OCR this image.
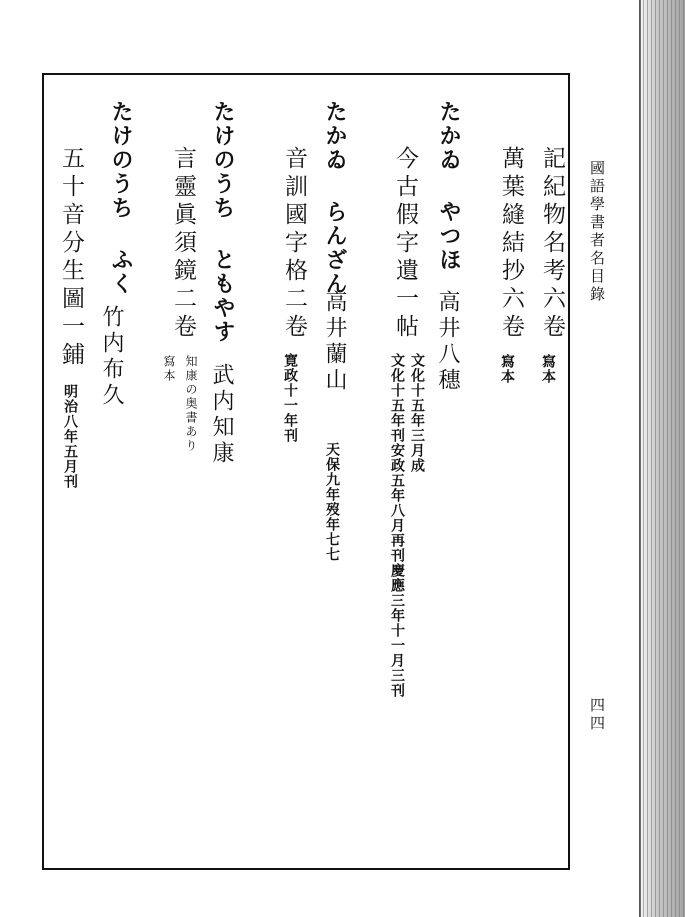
國語學書者名目錄
四四
記紀物名考六卷
寫本
萬葉縫結抄六卷
寫本
たかゐ やつほ
高井八穗
今古假字遺一帖
文化十五年三月成
文化十五年刊安政五年八月再刊慶應三年十一月三刊
たかゐ らんざん
高井蘭山
天保九年歿年七七
音訓國字格二卷
寛政十一年刊
たけのうち ともやす
武内知康
言靈眞須鏡二卷
知康の奥書あり
寫本
たけのうち ふく
竹内布久
五十音分生圖一鋪
明治八年五月刊
